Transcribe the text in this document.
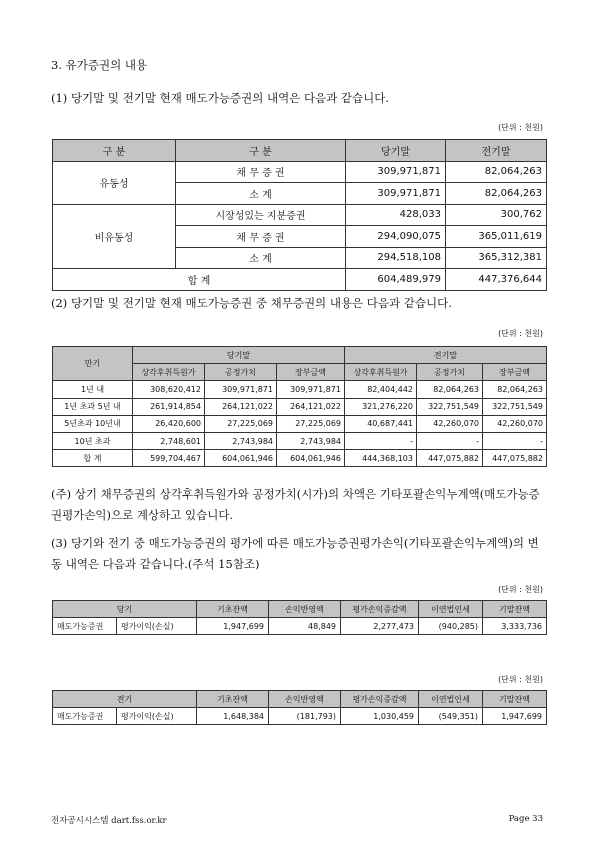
3. 유가증권의 내용
(1) 당기말 및 전기말 현재 매도가능증권의 내역은 다음과 같습니다.
(단위 : 천원)
구 분	구 분	당기말	전기말
유동성	채 무 증 권	309,971,871	82,064,263
	소 계	309,971,871	82,064,263
비유동성	시장성있는 지분증권	428,033	300,762
	채 무 증 권	294,090,075	365,011,619
	소 계	294,518,108	365,312,381
합 계		604,489,979	447,376,644
(2) 당기말 및 전기말 현재 매도가능증권 중 채무증권의 내용은 다음과 같습니다.
(단위 : 천원)
만기	당기말			전기말		
	상각후취득원가	공정가치	장부금액	상각후취득원가	공정가치	장부금액
1년 내	308,620,412	309,971,871	309,971,871	82,404,442	82,064,263	82,064,263
1년 초과 5년 내	261,914,854	264,121,022	264,121,022	321,276,220	322,751,549	322,751,549
5년초과 10년내	26,420,600	27,225,069	27,225,069	40,687,441	42,260,070	42,260,070
10년 초과	2,748,601	2,743,984	2,743,984	-	-	-
합 계	599,704,467	604,061,946	604,061,946	444,368,103	447,075,882	447,075,882
(주) 상기 채무증권의 상각후취득원가와 공정가치(시가)의 차액은 기타포괄손익누계액(매도가능증권평가손익)으로 계상하고 있습니다.
(3) 당기와 전기 중 매도가능증권의 평가에 따른 매도가능증권평가손익(기타포괄손익누계액)의 변동 내역은 다음과 같습니다.(주석 15참조)
(단위 : 천원)
당기		기초잔액	손익반영액	평가손익증감액	이연법인세	기말잔액
매도가능증권	평가이익(손실)	1,947,699	48,849	2,277,473	(940,285)	3,333,736
(단위 : 천원)
전기		기초잔액	손익반영액	평가손익증감액	이연법인세	기말잔액
매도가능증권	평가이익(손실)	1,648,384	(181,793)	1,030,459	(549,351)	1,947,699
전자공시시스템 dart.fss.or.kr	Page 33
